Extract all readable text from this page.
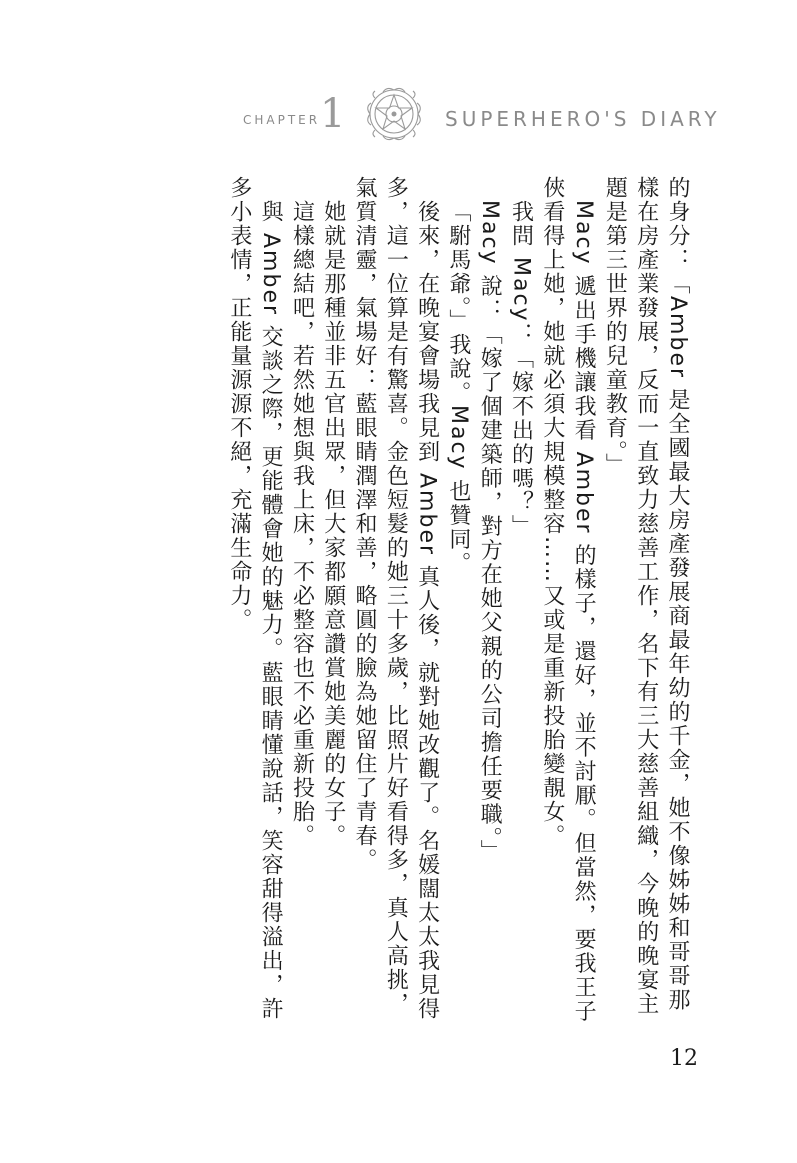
CHAPTER 1	SUPERHERO'S DIARY

的身分：「Amber 是全國最大房產發展商最年幼的千金，她不像姊姊和哥哥那樣在房產業發展，反而一直致力慈善工作，名下有三大慈善組織，今晚的晚宴主題是第三世界的兒童教育。」

Macy 遞出手機讓我看 Amber 的樣子，還好，並不討厭。但當然，要我王子俠看得上她，她就必須大規模整容……又或是重新投胎變靚女。

我問 Macy：「嫁不出的嗎？」

Macy 說：「嫁了個建築師，對方在她父親的公司擔任要職。」

「駙馬爺。」我說。Macy 也贊同。

後來，在晚宴會場我見到 Amber 真人後，就對她改觀了。名媛闊太太我見得多，這一位算是有驚喜。金色短髮的她三十多歲，比照片好看得多，真人高挑，氣質清靈，氣場好：藍眼睛潤澤和善，略圓的臉為她留住了青春。

她就是那種並非五官出眾，但大家都願意讚賞她美麗的女子。

這樣總結吧，若然她想與我上床，不必整容也不必重新投胎。

與 Amber 交談之際，更能體會她的魅力。藍眼睛懂說話，笑容甜得溢出，許多小表情，正能量源源不絕，充滿生命力。

12
